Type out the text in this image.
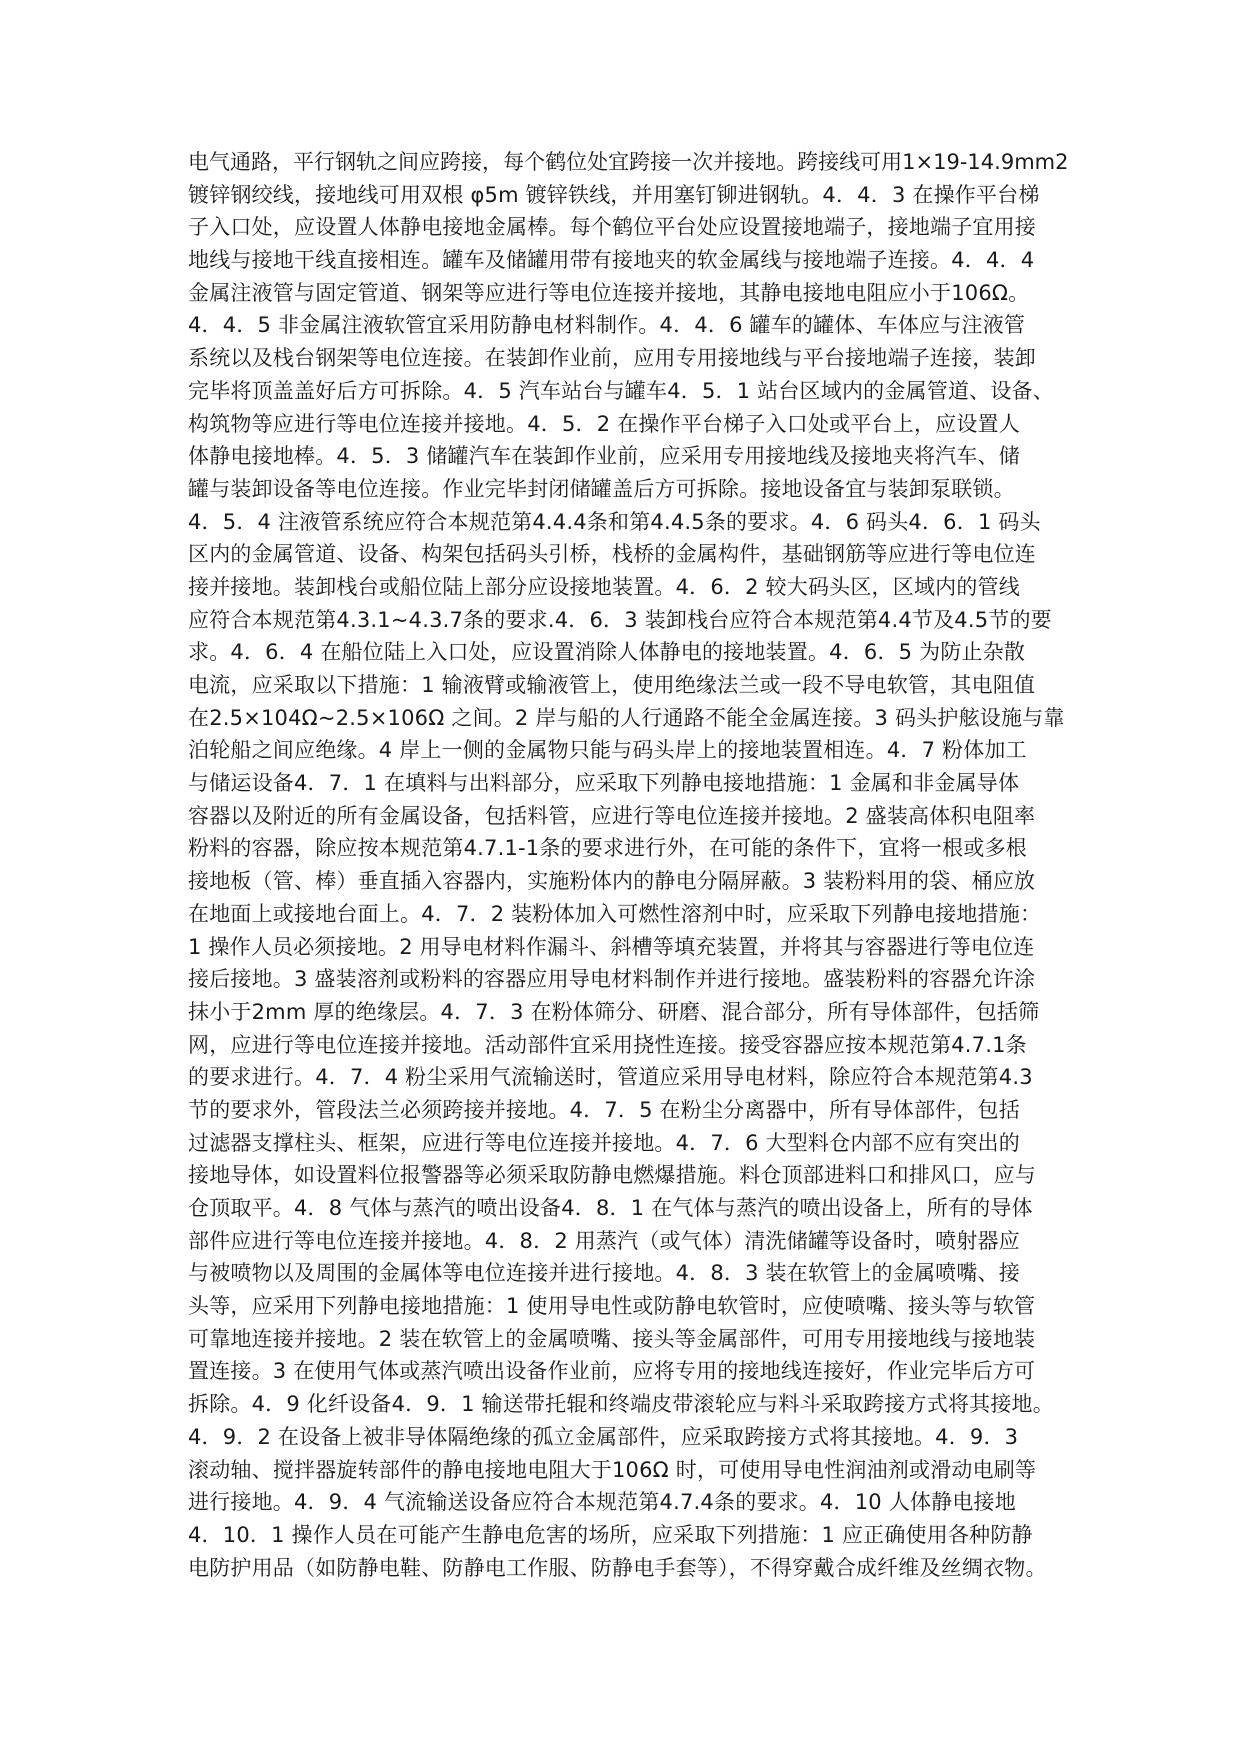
电气通路，平行钢轨之间应跨接，每个鹤位处宜跨接一次并接地。跨接线可用1×19-14.9mm2
镀锌钢绞线，接地线可用双根 φ5m 镀锌铁线，并用塞钉铆进钢轨。4．4．3 在操作平台梯
子入口处，应设置人体静电接地金属棒。每个鹤位平台处应设置接地端子，接地端子宜用接
地线与接地干线直接相连。罐车及储罐用带有接地夹的软金属线与接地端子连接。4．4．4
金属注液管与固定管道、钢架等应进行等电位连接并接地，其静电接地电阻应小于106Ω。
4．4．5 非金属注液软管宜采用防静电材料制作。4．4．6 罐车的罐体、车体应与注液管
系统以及栈台钢架等电位连接。在装卸作业前，应用专用接地线与平台接地端子连接，装卸
完毕将顶盖盖好后方可拆除。4．5 汽车站台与罐车4．5．1 站台区域内的金属管道、设备、
构筑物等应进行等电位连接并接地。4．5．2 在操作平台梯子入口处或平台上，应设置人
体静电接地棒。4．5．3 储罐汽车在装卸作业前，应采用专用接地线及接地夹将汽车、储
罐与装卸设备等电位连接。作业完毕封闭储罐盖后方可拆除。接地设备宜与装卸泵联锁。
4．5．4 注液管系统应符合本规范第4.4.4条和第4.4.5条的要求。4．6 码头4．6．1 码头
区内的金属管道、设备、构架包括码头引桥，栈桥的金属构件，基础钢筋等应进行等电位连
接并接地。装卸栈台或船位陆上部分应设接地装置。4．6．2 较大码头区，区域内的管线
应符合本规范第4.3.1~4.3.7条的要求.4．6．3 装卸栈台应符合本规范第4.4节及4.5节的要
求。4．6．4 在船位陆上入口处，应设置消除人体静电的接地装置。4．6．5 为防止杂散
电流，应采取以下措施：1 输液臂或输液管上，使用绝缘法兰或一段不导电软管，其电阻值
在2.5×104Ω~2.5×106Ω 之间。2 岸与船的人行通路不能全金属连接。3 码头护舷设施与靠
泊轮船之间应绝缘。4 岸上一侧的金属物只能与码头岸上的接地装置相连。4．7 粉体加工
与储运设备4．7．1 在填料与出料部分，应采取下列静电接地措施：1 金属和非金属导体
容器以及附近的所有金属设备，包括料管，应进行等电位连接并接地。2 盛装高体积电阻率
粉料的容器，除应按本规范第4.7.1-1条的要求进行外，在可能的条件下，宜将一根或多根
接地板（管、棒）垂直插入容器内，实施粉体内的静电分隔屏蔽。3 装粉料用的袋、桶应放
在地面上或接地台面上。4．7．2 装粉体加入可燃性溶剂中时，应采取下列静电接地措施：
1 操作人员必须接地。2 用导电材料作漏斗、斜槽等填充装置，并将其与容器进行等电位连
接后接地。3 盛装溶剂或粉料的容器应用导电材料制作并进行接地。盛装粉料的容器允许涂
抹小于2mm 厚的绝缘层。4．7．3 在粉体筛分、研磨、混合部分，所有导体部件，包括筛
网，应进行等电位连接并接地。活动部件宜采用挠性连接。接受容器应按本规范第4.7.1条
的要求进行。4．7．4 粉尘采用气流输送时，管道应采用导电材料，除应符合本规范第4.3
节的要求外，管段法兰必须跨接并接地。4．7．5 在粉尘分离器中，所有导体部件，包括
过滤器支撑柱头、框架，应进行等电位连接并接地。4．7．6 大型料仓内部不应有突出的
接地导体，如设置料位报警器等必须采取防静电燃爆措施。料仓顶部进料口和排风口，应与
仓顶取平。4．8 气体与蒸汽的喷出设备4．8．1 在气体与蒸汽的喷出设备上，所有的导体
部件应进行等电位连接并接地。4．8．2 用蒸汽（或气体）清洗储罐等设备时，喷射器应
与被喷物以及周围的金属体等电位连接并进行接地。4．8．3 装在软管上的金属喷嘴、接
头等，应采用下列静电接地措施：1 使用导电性或防静电软管时，应使喷嘴、接头等与软管
可靠地连接并接地。2 装在软管上的金属喷嘴、接头等金属部件，可用专用接地线与接地装
置连接。3 在使用气体或蒸汽喷出设备作业前，应将专用的接地线连接好，作业完毕后方可
拆除。4．9 化纤设备4．9．1 输送带托辊和终端皮带滚轮应与料斗采取跨接方式将其接地。
4．9．2 在设备上被非导体隔绝缘的孤立金属部件，应采取跨接方式将其接地。4．9．3
滚动轴、搅拌器旋转部件的静电接地电阻大于106Ω 时，可使用导电性润油剂或滑动电刷等
进行接地。4．9．4 气流输送设备应符合本规范第4.7.4条的要求。4．10 人体静电接地
4．10．1 操作人员在可能产生静电危害的场所，应采取下列措施：1 应正确使用各种防静
电防护用品（如防静电鞋、防静电工作服、防静电手套等），不得穿戴合成纤维及丝绸衣物。
